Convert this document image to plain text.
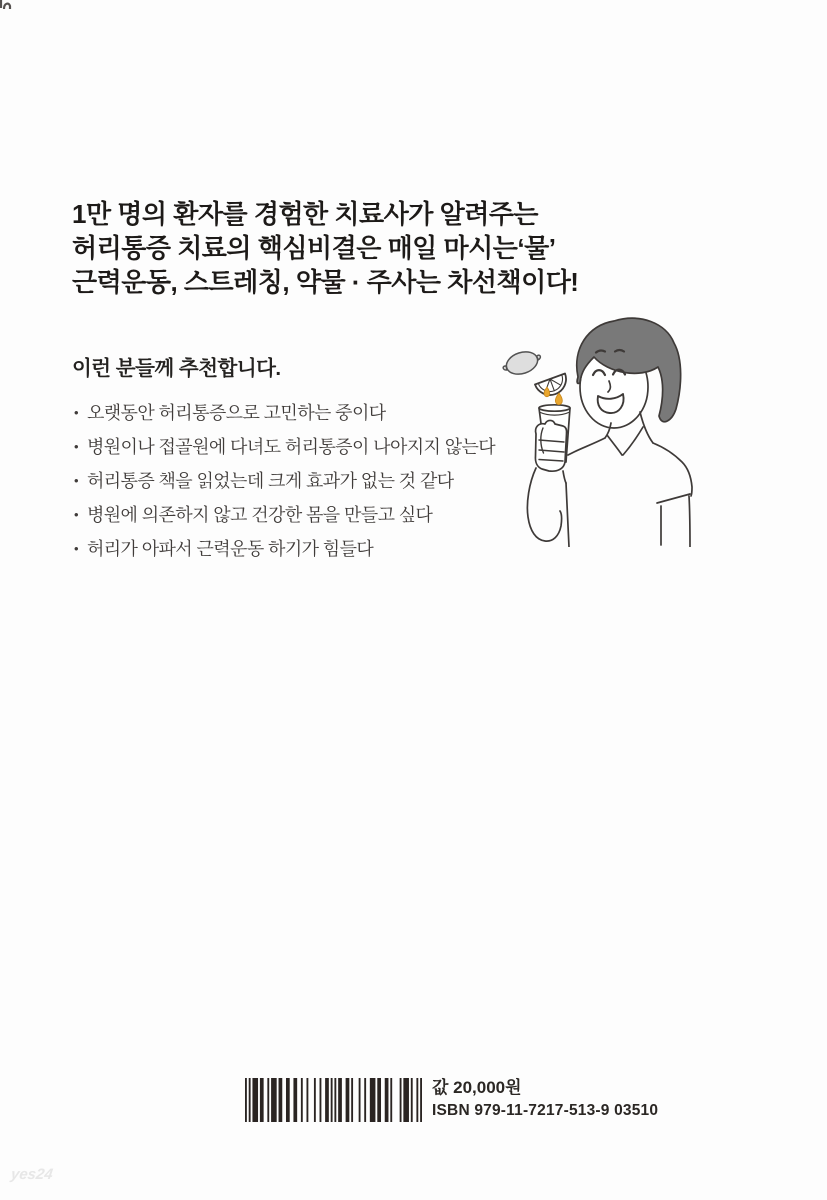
1만 명의 환자를 경험한 치료사가 알려주는
허리통증 치료의 핵심비결은 매일 마시는‘물’
근력운동, 스트레칭, 약물 · 주사는 차선책이다!
이런 분들께 추천합니다.
• 오랫동안 허리통증으로 고민하는 중이다
• 병원이나 접골원에 다녀도 허리통증이 나아지지 않는다
• 허리통증 책을 읽었는데 크게 효과가 없는 것 같다
• 병원에 의존하지 않고 건강한 몸을 만들고 싶다
• 허리가 아파서 근력운동 하기가 힘들다
값 20,000원
ISBN 979-11-7217-513-9 03510
yes24
